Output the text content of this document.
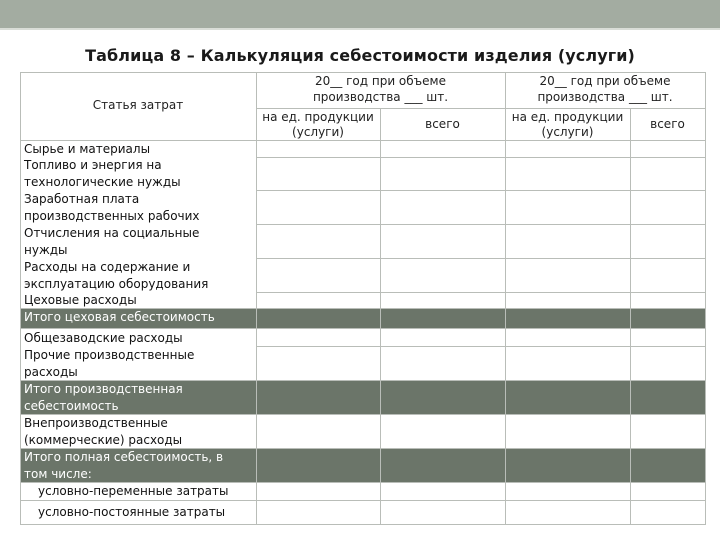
Таблица 8 – Калькуляция себестоимости изделия (услуги)
Статья затрат
20__ год при объеме
производства ___ шт.
на ед. продукции
(услуги)
всего
20__ год при объеме
производства ___ шт.
на ед. продукции
(услуги)
всего
Сырье и материалы
Топливо и энергия на
технологические нужды
Заработная плата
производственных рабочих
Отчисления на социальные
нужды
Расходы на содержание и
эксплуатацию оборудования
Цеховые расходы
Итого цеховая себестоимость
Общезаводские расходы
Прочие производственные
расходы
Итого производственная
себестоимость
Внепроизводственные
(коммерческие) расходы
Итого полная себестоимость, в
том числе:
условно-переменные затраты
условно-постоянные затраты
